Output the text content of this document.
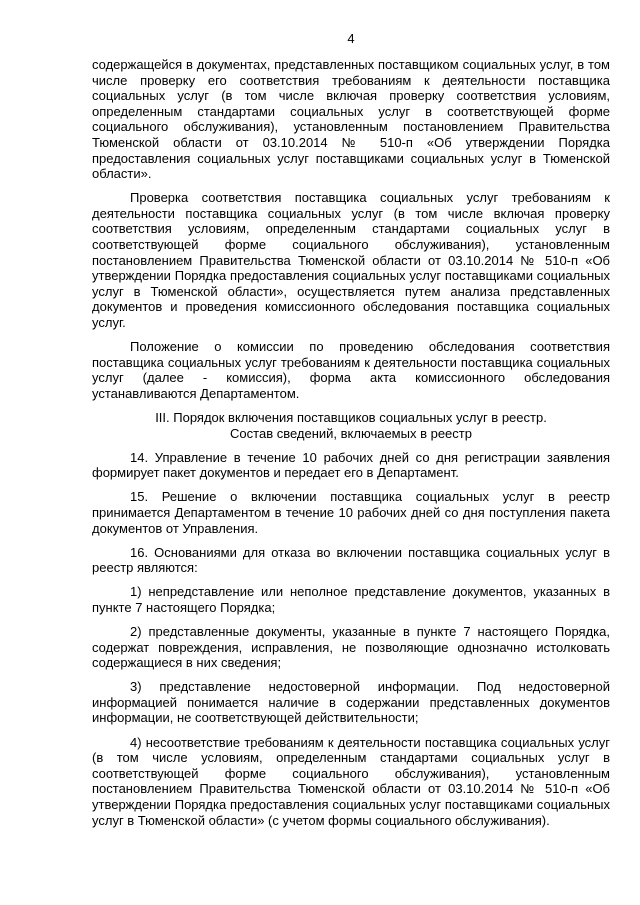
4

содержащейся в документах, представленных поставщиком социальных услуг, в том числе проверку его соответствия требованиям к деятельности поставщика социальных услуг (в том числе включая проверку соответствия условиям, определенным стандартами социальных услуг в соответствующей форме социального обслуживания), установленным постановлением Правительства Тюменской области от 03.10.2014 № 510-п «Об утверждении Порядка предоставления социальных услуг поставщиками социальных услуг в Тюменской области».

Проверка соответствия поставщика социальных услуг требованиям к деятельности поставщика социальных услуг (в том числе включая проверку соответствия условиям, определенным стандартами социальных услуг в соответствующей форме социального обслуживания), установленным постановлением Правительства Тюменской области от 03.10.2014 № 510-п «Об утверждении Порядка предоставления социальных услуг поставщиками социальных услуг в Тюменской области», осуществляется путем анализа представленных документов и проведения комиссионного обследования поставщика социальных услуг.

Положение о комиссии по проведению обследования соответствия поставщика социальных услуг требованиям к деятельности поставщика социальных услуг (далее - комиссия), форма акта комиссионного обследования устанавливаются Департаментом.

III. Порядок включения поставщиков социальных услуг в реестр.
Состав сведений, включаемых в реестр

14. Управление в течение 10 рабочих дней со дня регистрации заявления формирует пакет документов и передает его в Департамент.

15. Решение о включении поставщика социальных услуг в реестр принимается Департаментом в течение 10 рабочих дней со дня поступления пакета документов от Управления.

16. Основаниями для отказа во включении поставщика социальных услуг в реестр являются:

1) непредставление или неполное представление документов, указанных в пункте 7 настоящего Порядка;

2) представленные документы, указанные в пункте 7 настоящего Порядка, содержат повреждения, исправления, не позволяющие однозначно истолковать содержащиеся в них сведения;

3) представление недостоверной информации. Под недостоверной информацией понимается наличие в содержании представленных документов информации, не соответствующей действительности;

4) несоответствие требованиям к деятельности поставщика социальных услуг (в том числе условиям, определенным стандартами социальных услуг в соответствующей форме социального обслуживания), установленным постановлением Правительства Тюменской области от 03.10.2014 № 510-п «Об утверждении Порядка предоставления социальных услуг поставщиками социальных услуг в Тюменской области» (с учетом формы социального обслуживания).
